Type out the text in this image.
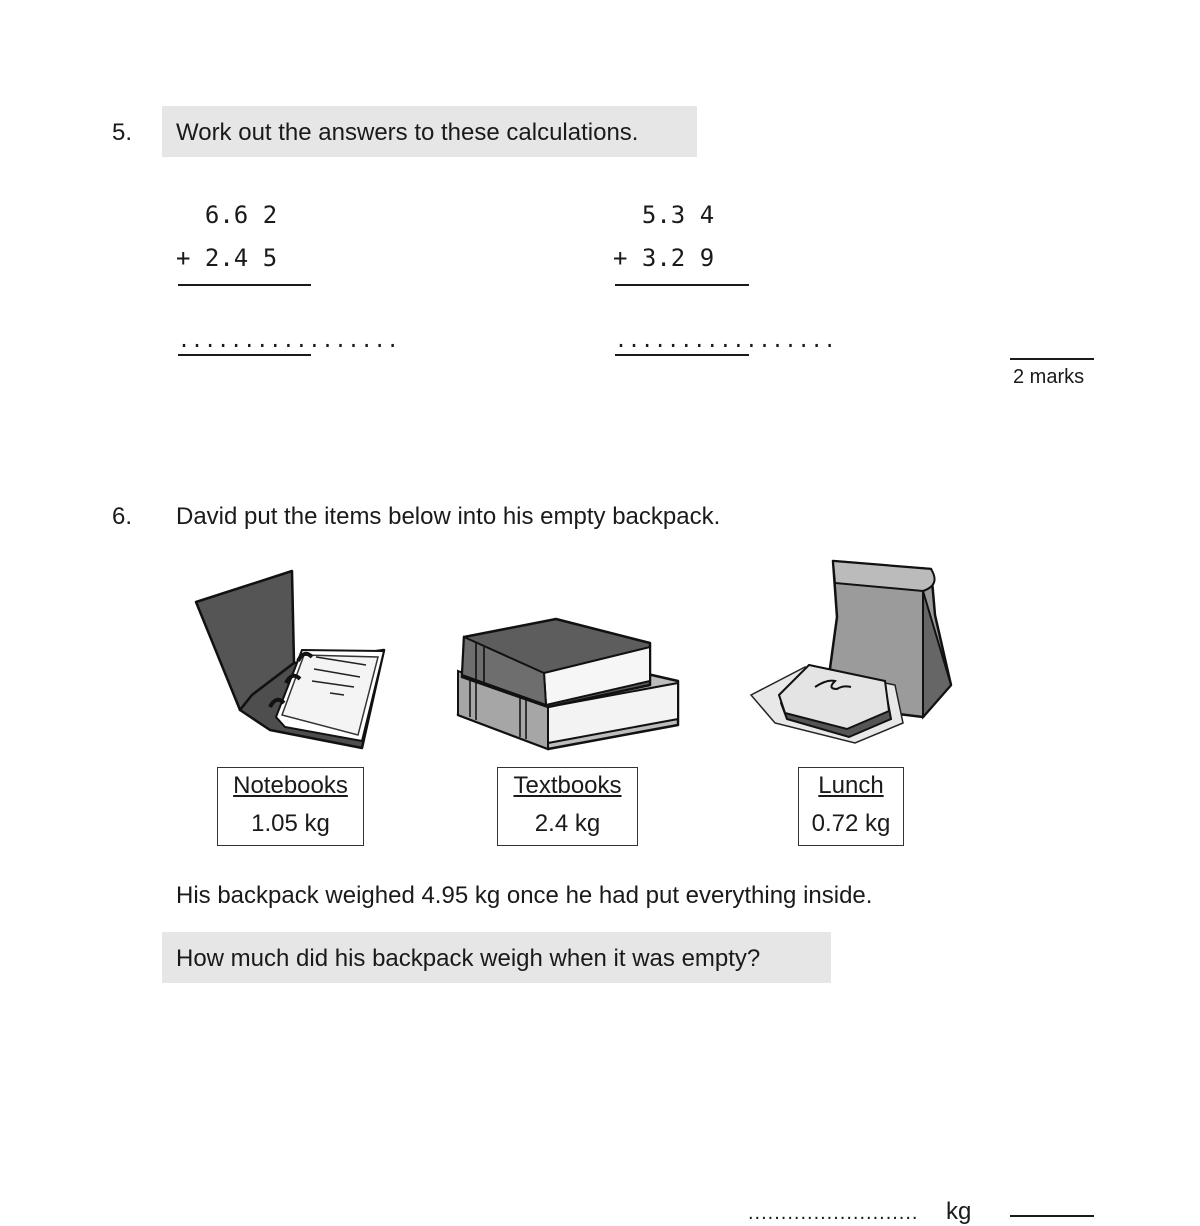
5.	Work out the answers to these calculations.
6.6 2
+ 2.4 5
.................
5.3 4
+ 3.2 9
.................
2 marks
6. David put the items below into his empty backpack.
Notebooks
1.05 kg
Textbooks
2.4 kg
Lunch
0.72 kg
His backpack weighed 4.95 kg once he had put everything inside.
How much did his backpack weigh when it was empty?
..........................	kg
